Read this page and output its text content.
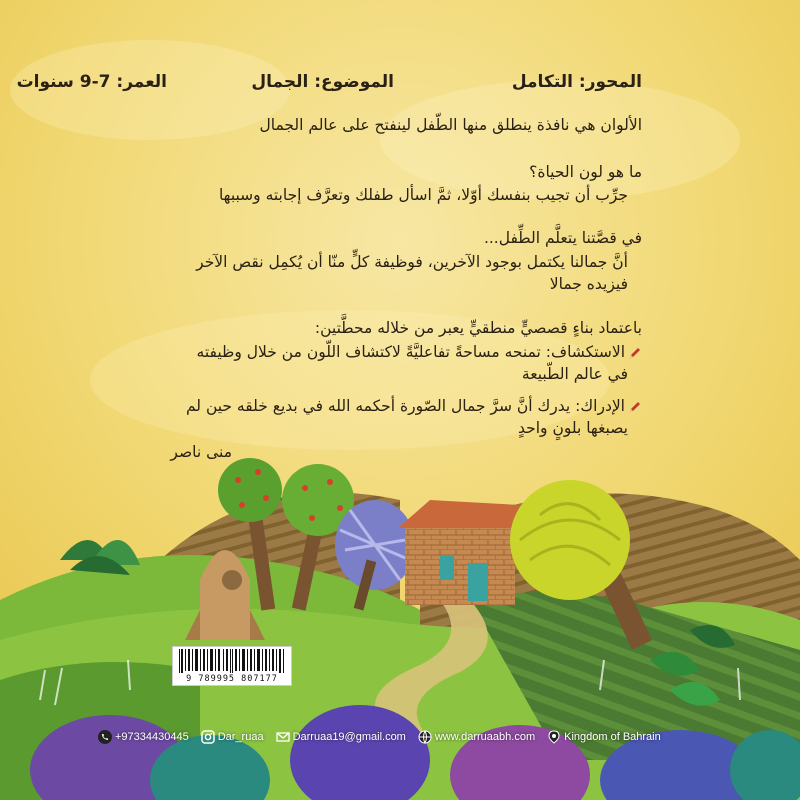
المحور: التكامل
الموضوع: الجمال
العمر: 7-9 سنوات
الألوان هي نافذة ينطلق منها الطّفل لينفتح على عالم الجمال
ما هو لون الحياة؟
جرِّب أن تجيب بنفسك أوّلا، ثمَّ اسأل طفلك وتعرَّف إجابته وسببها
في قصَّتنا يتعلَّم الطِّفل...
أنَّ جمالنا يكتمل بوجود الآخرين، فوظيفة كلٍّ منّا أن يُكمِل نقص الآخر
فيزيده جمالا
باعتماد بناءٍ قصصيٍّ منطقيٍّ يعبر من خلاله محطَّتين:
الاستكشاف: تمنحه مساحةً تفاعليَّةً لاكتشاف اللّون من خلال وظيفته
في عالم الطّبيعة
الإدراك: يدرك أنَّ سرَّ جمال الصّورة أحكمه الله في بديع خلقه حين لم
يصبغها بلونٍ واحدٍ
منى ناصر
9 789995 807177
+97334430445	Dar_ruaa	Darruaa19@gmail.com	www.darruaabh.com	Kingdom of Bahrain
